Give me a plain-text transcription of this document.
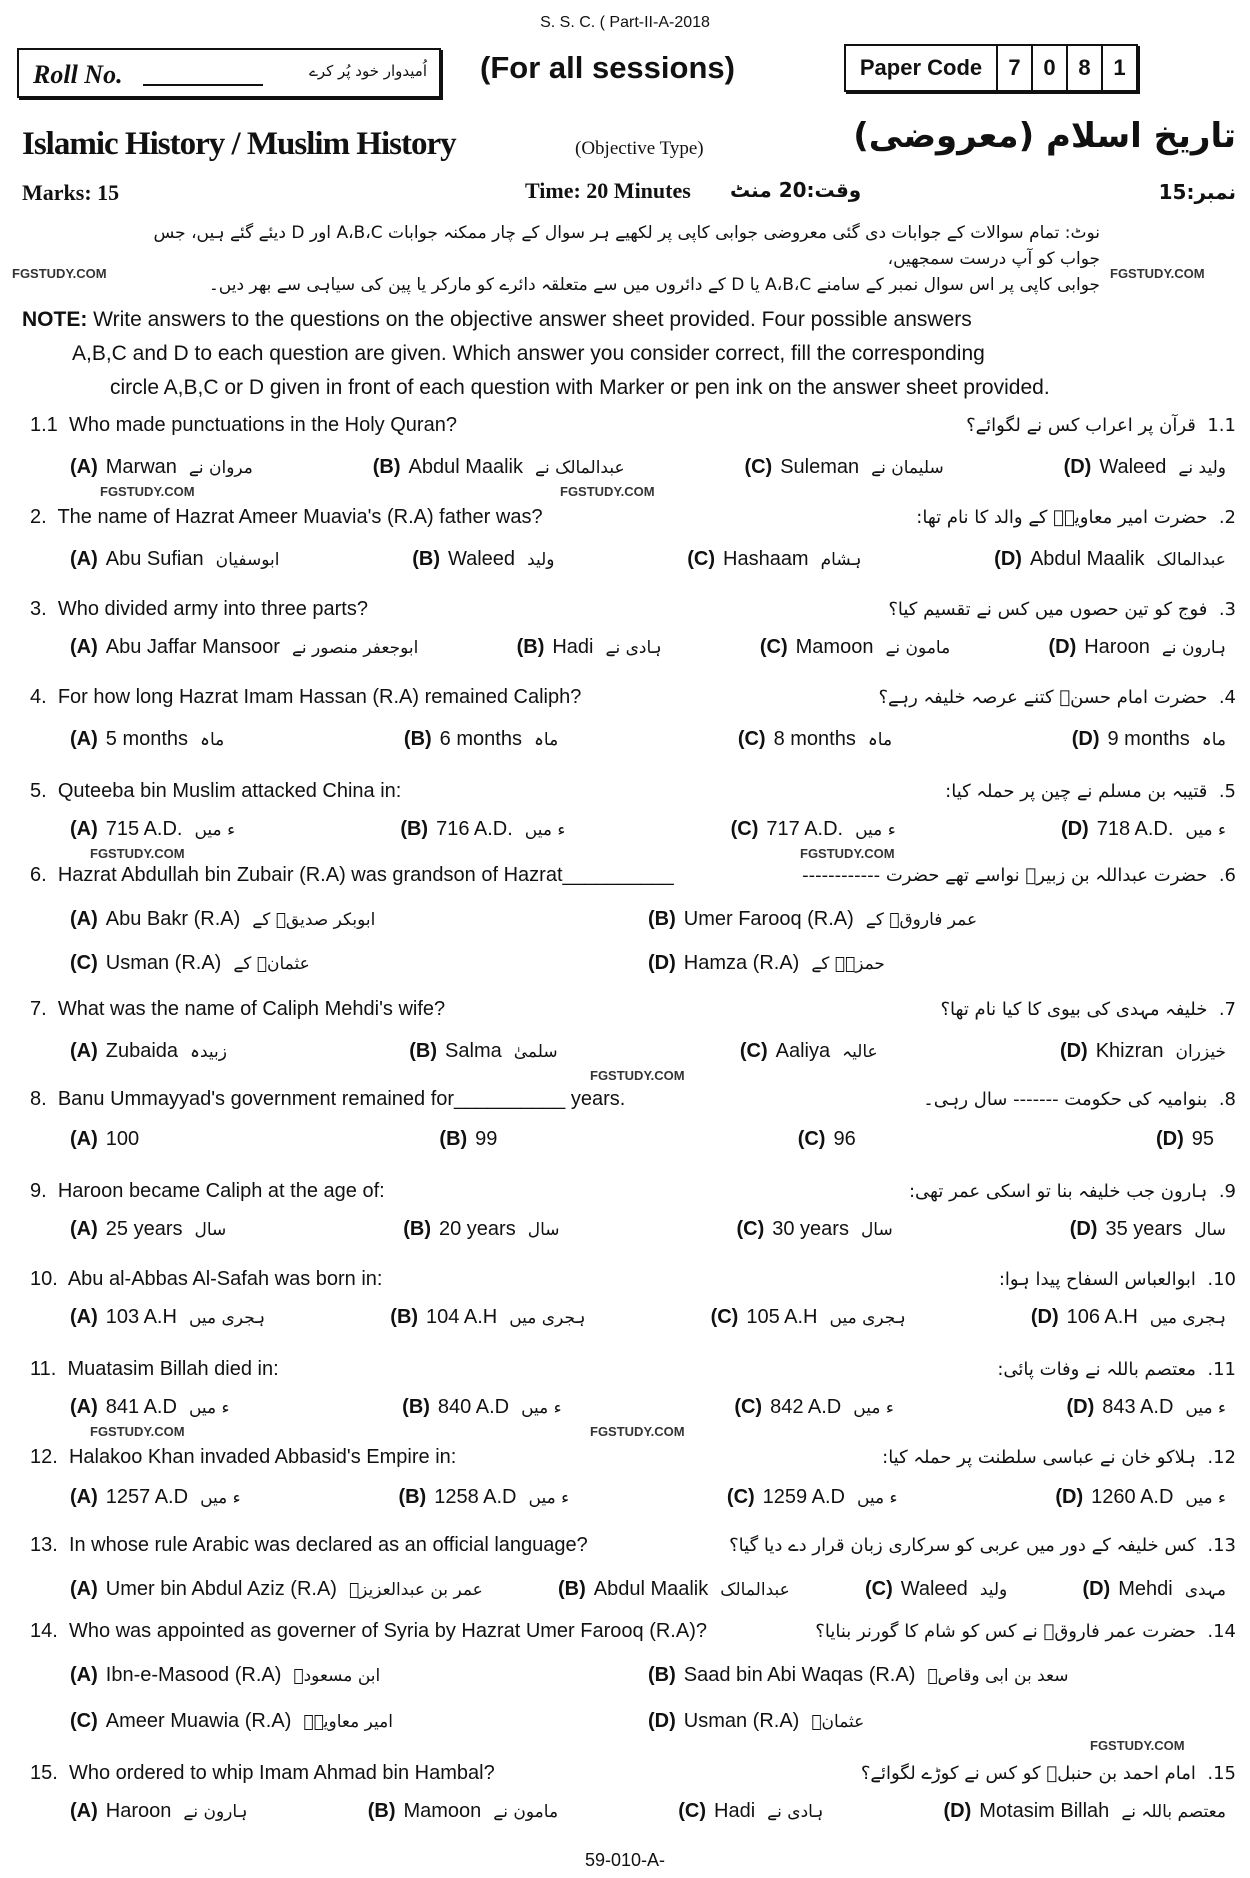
S. S. C. ( Part-II-A-2018
Roll No.	اُمیدوار خود پُر کرے (For all sessions)	Paper Code	7	0	8	1
Islamic History / Muslim History	(Objective Type)	تاریخ اسلام (معروضی)
Marks: 15	Time: 20 Minutes وقت:20 منٹ	نمبر:15
نوٹ: تمام سوالات کے جوابات دی گئی معروضی جوابی کاپی پر لکھیے ہر سوال کے چار ممکنہ جوابات A،B،C اور D دیئے گئے ہیں، جس جواب کو آپ درست سمجھیں،
جوابی کاپی پر اس سوال نمبر کے سامنے A،B،C یا D کے دائروں میں سے متعلقہ دائرے کو مارکر یا پین کی سیاہی سے بھر دیں۔
NOTE: Write answers to the questions on the objective answer sheet provided. Four possible answers
A,B,C and D to each question are given. Which answer you consider correct, fill the corresponding
circle A,B,C or D given in front of each question with Marker or pen ink on the answer sheet provided.
1.1 Who made punctuations in the Holy Quran?	1.1  قرآن پر اعراب کس نے لگوائے؟
(A) Marwan مروان نے	(B) Abdul Maalik عبدالمالک نے	(C) Suleman سلیمان نے	(D) Waleed ولید نے
2. The name of Hazrat Ameer Muavia's (R.A) father was?	2.  حضرت امیر معاویہؓ کے والد کا نام تھا:
(A) Abu Sufian ابوسفیان	(B) Waleed ولید	(C) Hashaam ہشام	(D) Abdul Maalik عبدالمالک
3. Who divided army into three parts?	3.  فوج کو تین حصوں میں کس نے تقسیم کیا؟
(A) Abu Jaffar Mansoor ابوجعفر منصور نے	(B) Hadi ہادی نے	(C) Mamoon مامون نے	(D) Haroon ہارون نے
4. For how long Hazrat Imam Hassan (R.A) remained Caliph?	4.  حضرت امام حسنؓ کتنے عرصہ خلیفہ رہے؟
(A) 5 months ماہ	(B) 6 months ماہ	(C) 8 months ماہ	(D) 9 months ماہ
5. Quteeba bin Muslim attacked China in:	5.  قتیبہ بن مسلم نے چین پر حملہ کیا:
(A) 715 A.D. ء میں	(B) 716 A.D. ء میں	(C) 717 A.D. ء میں	(D) 718 A.D. ء میں
6. Hazrat Abdullah bin Zubair (R.A) was grandson of Hazrat__________	6.  حضرت عبداللہ بن زبیرؓ نواسے تھے حضرت ------------
(A) Abu Bakr (R.A) ابوبکر صدیقؓ کے	(B) Umer Farooq (R.A) عمر فاروقؓ کے
(C) Usman (R.A) عثمانؓ کے	(D) Hamza (R.A) حمزہؓ کے
7. What was the name of Caliph Mehdi's wife?	7.  خلیفہ مہدی کی بیوی کا کیا نام تھا؟
(A) Zubaida زبیدہ	(B) Salma سلمیٰ	(C) Aaliya عالیہ	(D) Khizran خیزران
8. Banu Ummayyad's government remained for__________ years.	8.  بنوامیہ کی حکومت ------- سال رہی۔
(A) 100	(B) 99	(C) 96	(D) 95
9. Haroon became Caliph at the age of:	9.  ہارون جب خلیفہ بنا تو اسکی عمر تھی:
(A) 25 years سال	(B) 20 years سال	(C) 30 years سال	(D) 35 years سال
10. Abu al-Abbas Al-Safah was born in:	10.  ابوالعباس السفاح پیدا ہوا:
(A) 103 A.H ہجری میں	(B) 104 A.H ہجری میں	(C) 105 A.H ہجری میں	(D) 106 A.H ہجری میں
11. Muatasim Billah died in:	11.  معتصم باللہ نے وفات پائی:
(A) 841 A.D ء میں	(B) 840 A.D ء میں	(C) 842 A.D ء میں	(D) 843 A.D ء میں
12. Halakoo Khan invaded Abbasid's Empire in:	12.  ہلاکو خان نے عباسی سلطنت پر حملہ کیا:
(A) 1257 A.D ء میں	(B) 1258 A.D ء میں	(C) 1259 A.D ء میں	(D) 1260 A.D ء میں
13. In whose rule Arabic was declared as an official language?	13.  کس خلیفہ کے دور میں عربی کو سرکاری زبان قرار دے دیا گیا؟
(A) Umer bin Abdul Aziz (R.A) عمر بن عبدالعزیزؓ	(B) Abdul Maalik عبدالمالک	(C) Waleed ولید	(D) Mehdi مہدی
14. Who was appointed as governer of Syria by Hazrat Umer Farooq (R.A)?	14.  حضرت عمر فاروقؓ نے کس کو شام کا گورنر بنایا؟
(A) Ibn-e-Masood (R.A) ابن مسعودؓ	(B) Saad bin Abi Waqas (R.A) سعد بن ابی وقاصؓ
(C) Ameer Muawia (R.A) امیر معاویہؓ	(D) Usman (R.A) عثمانؓ
15. Who ordered to whip Imam Ahmad bin Hambal?	15.  امام احمد بن حنبلؒ کو کس نے کوڑے لگوائے؟
(A) Haroon ہارون نے	(B) Mamoon مامون نے	(C) Hadi ہادی نے	(D) Motasim Billah معتصم باللہ نے
FGSTUDY.COM	FGSTUDY.COM
FGSTUDY.COM	FGSTUDY.COM
FGSTUDY.COM	FGSTUDY.COM
FGSTUDY.COM
FGSTUDY.COM	FGSTUDY.COM
FGSTUDY.COM
59-010-A-
